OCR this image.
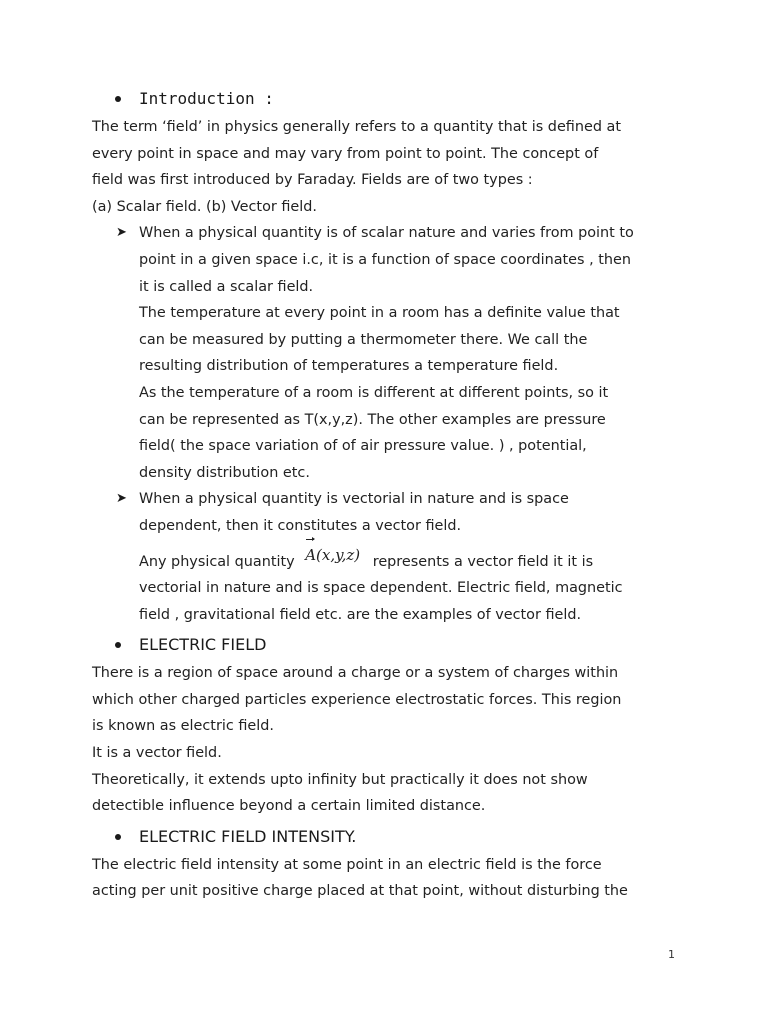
Introduction :

The term ‘field’ in physics generally refers to a quantity that is defined at

every point in space and may vary from point to point. The concept of

field was first introduced by Faraday. Fields are of two types :

(a) Scalar field. (b) Vector field.

➤ When a physical quantity is of scalar nature and varies from point to

point in a given space i.c, it is a function of space coordinates , then

it is called a scalar field.

The temperature at every point in a room has a definite value that

can be measured by putting a thermometer there. We call the

resulting distribution of temperatures a temperature field.

As the temperature of a room is different at different points, so it

can be represented as T(x,y,z). The other examples are pressure

field( the space variation of of air pressure value. ) , potential,

density distribution etc.

➤ When a physical quantity is vectorial in nature and is space

dependent, then it constitutes a vector field.

Any physical quantity A(x,y,z) represents a vector field it it is

vectorial in nature and is space dependent. Electric field, magnetic

field , gravitational field etc. are the examples of vector field.

ELECTRIC FIELD

There is a region of space around a charge or a system of charges within

which other charged particles experience electrostatic forces. This region

is known as electric field.

It is a vector field.

Theoretically, it extends upto infinity but practically it does not show

detectible influence beyond a certain limited distance.

ELECTRIC FIELD INTENSITY.

The electric field intensity at some point in an electric field is the force

acting per unit positive charge placed at that point, without disturbing the

1
